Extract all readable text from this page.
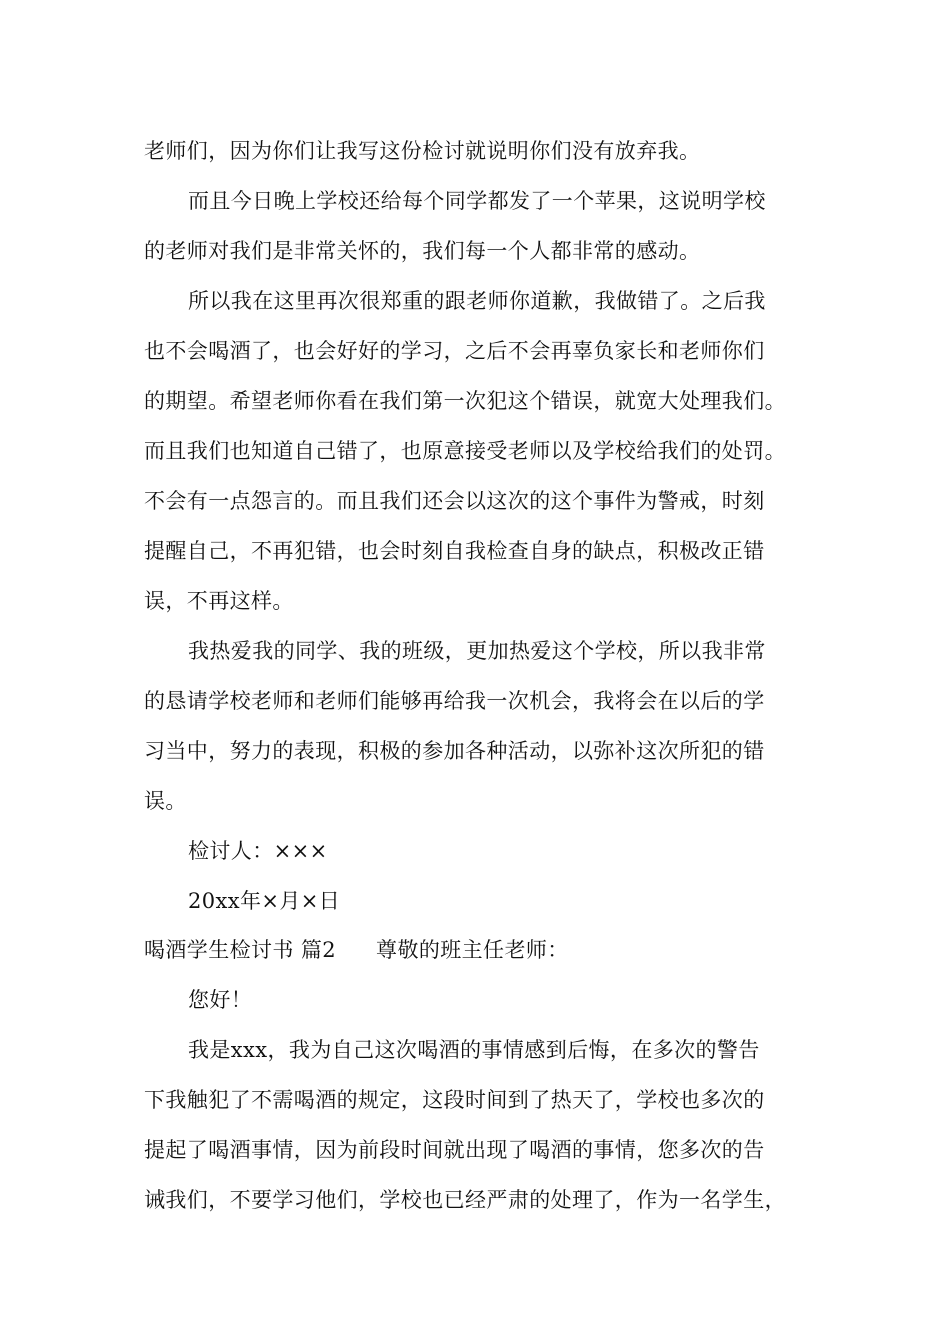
老师们，因为你们让我写这份检讨就说明你们没有放弃我。
而且今日晚上学校还给每个同学都发了一个苹果，这说明学校
的老师对我们是非常关怀的，我们每一个人都非常的感动。
所以我在这里再次很郑重的跟老师你道歉，我做错了。之后我
也不会喝酒了，也会好好的学习，之后不会再辜负家长和老师你们
的期望。希望老师你看在我们第一次犯这个错误，就宽大处理我们。
而且我们也知道自己错了，也原意接受老师以及学校给我们的处罚。
不会有一点怨言的。而且我们还会以这次的这个事件为警戒，时刻
提醒自己，不再犯错，也会时刻自我检查自身的缺点，积极改正错
误，不再这样。
我热爱我的同学、我的班级，更加热爱这个学校，所以我非常
的恳请学校老师和老师们能够再给我一次机会，我将会在以后的学
习当中，努力的表现，积极的参加各种活动，以弥补这次所犯的错
误。
检讨人：×××
20xx年×月×日
喝酒学生检讨书 篇2 尊敬的班主任老师：
您好！
我是xxx，我为自己这次喝酒的事情感到后悔，在多次的警告
下我触犯了不需喝酒的规定，这段时间到了热天了，学校也多次的
提起了喝酒事情，因为前段时间就出现了喝酒的事情，您多次的告
诫我们，不要学习他们，学校也已经严肃的处理了，作为一名学生，
